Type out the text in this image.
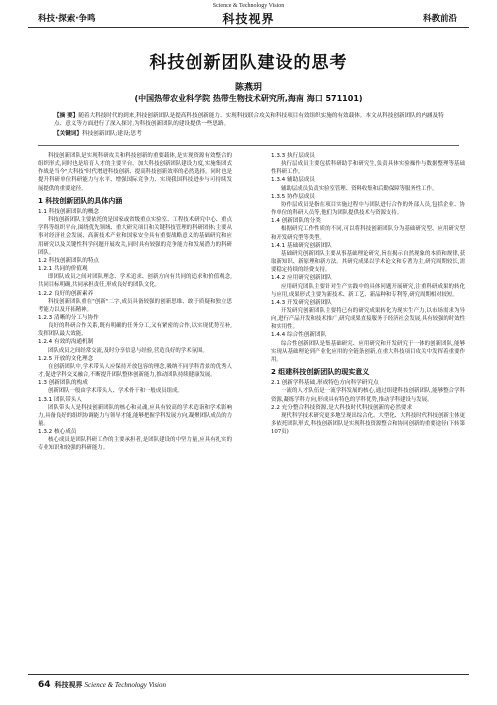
Science & Technology Vision
科技·探索·争鸣	科技视界	科教前沿
科技创新团队建设的思考
陈燕玥
(中国热带农业科学院 热带生物技术研究所,海南 海口 571101)
【摘 要】随着大科技时代的到来,科技创新团队是提高科技创新能力、实现科技联合攻关和科技项目有效组织实施的有效载体。本文从科技创新团队的内涵及特点、意义等方面进行了深入探讨,为科技创新团队的建设提供一些思路。
【关键词】科技创新团队;建设;思考

科技创新团队是实现科研攻关和科技创新的重要载体,是实现资源有效整合的组织形式,同时也是培育人才的主要平台。加大科技创新团队建设力度,实施集团式作战是当今"大科技"时代增进科技创新、提高科技创新效率的必然选择。同时也是提升科研单位科研能力与水平、增强国际竞争力、实现我国科技进步与可持续发展提供的重要途径。

1 科技创新团队的具体内涵
1.1 科技创新团队的概念

科技创新团队主要依托的是国家或省级重点实验室、工程技术研究中心、重点学科等组织平台,围绕优先领域、重大研究项目和关键科技管理的科研团体;主要从事对经济社会发展、高新技术产业和国家安全具有重要战略意义的基础研究和应用研究以及关键性科学问题开展攻关,同时具有较强的竞争能力和发展潜力的科研团队。

1.2 科技创新团队的特点
1.2.1 共同的价值观

即团队成员之间对团队理念、学术追求、创新方向有共同的追求和价值观念,共同目标明确,共同承担责任,形成良好的团队文化。

1.2.2 良好的创新素养

科技创新团队重在"创新"二字,成员具备较强的创新思维、敢于质疑和独立思考能力以及开拓精神。

1.2.3 清晰的分工与协作

良好的科研合作关系,既有明确的任务分工,又有紧密的合作,以实现优势互补,发挥团队最大效能。

1.2.4 有效的沟通机制

团队成员之间经常交流,及时分享信息与经验,营造良好的学术氛围。

1.2.5 开放的文化理念

在创新团队中,学术带头人应保持开放包容的理念,吸纳不同学科背景的优秀人才,促进学科交叉融合,不断提升团队整体创新能力,推动团队持续健康发展。

1.3 创新团队的构成

创新团队一般由学术带头人、学术骨干和一般成员组成。

1.3.1 团队带头人

团队带头人是科技创新团队的核心和灵魂,应具有较高的学术造诣和学术影响力,具备良好的组织协调能力与领导才能,能够把握学科发展方向,凝聚团队成员的力量。

1.3.2 核心成员

核心成员是团队科研工作的主要承担者,是团队建设的中坚力量,应具有扎实的专业知识和较强的科研能力。

1.3.3 执行层成员

执行层成员主要包括科研助手和研究生,负责具体实验操作与数据整理等基础性科研工作。

1.3.4 辅助层成员

辅助层成员负责实验室管理、资料收集和后勤保障等服务性工作。

1.3.5 协作层成员

协作层成员是指在项目实施过程中与团队进行合作的外部人员,包括企业、协作单位的科研人员等,他们为团队提供技术与资源支持。

1.4 创新团队的分类

根据研究工作性质的不同,可以将科技创新团队分为基础研究型、应用研究型和开发研究型等类型。

1.4.1 基础研究创新团队

基础研究创新团队主要从事基础理论研究,旨在揭示自然现象的本质和规律,获取新知识、新原理和新方法。其研究成果以学术论文和专著为主,研究周期较长,需要稳定持续的经费支持。

1.4.2 应用研究创新团队

应用研究团队主要针对生产实践中的具体问题开展研究,注重科研成果的转化与应用,成果形式主要为新技术、新工艺、新品种和专利等,研究周期相对较短。

1.4.3 开发研究创新团队

开发研究创新团队主要将已有的研究成果转化为现实生产力,以市场需求为导向,进行产品开发和技术推广,研究成果直接服务于经济社会发展,具有较强的时效性和实用性。

1.4.4 综合性创新团队

综合性创新团队是集基础研究、应用研究和开发研究于一体的创新团队,能够实现从基础理论到产业化应用的全链条创新,在重大科技项目攻关中发挥着重要作用。

2 组建科技创新团队的现实意义
2.1 创新学科基础,形成特色方向科学研究点

一流的人才队伍是一流学科发展的核心,通过组建科技创新团队,能够整合学科资源,凝练学科方向,形成具有特色的学科优势,推动学科建设与发展。

2.2 充分整合科技资源,是大科技时代科技创新的必然要求

现代科学技术研究更多地呈现出综合化、大型化、大科技时代科技创新主体更多依托团队形式,科技创新团队是实现科技资源整合和协同创新的重要途径(下转第107页)

64 科技视界 Science & Technology Vision
